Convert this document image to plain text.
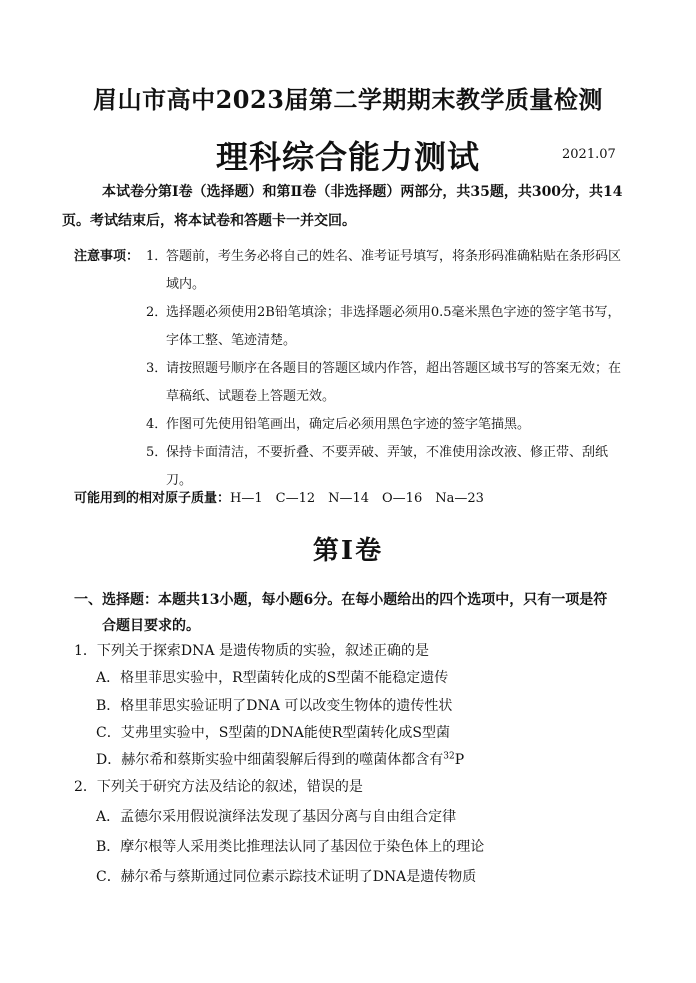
眉山市高中2023届第二学期期末教学质量检测
理科综合能力测试	2021.07
本试卷分第Ⅰ卷（选择题）和第Ⅱ卷（非选择题）两部分，共35题，共300分，共14页。考试结束后，将本试卷和答题卡一并交回。
注意事项： 1．
答题前，考生务必将自己的姓名、准考证号填写，将条形码准确粘贴在条形码区域内。
2．
选择题必须使用2B铅笔填涂；非选择题必须用0.5毫米黑色字迹的签字笔书写，字体工整、笔迹清楚。
3．
请按照题号顺序在各题目的答题区域内作答，超出答题区域书写的答案无效；在草稿纸、试题卷上答题无效。
4．
作图可先使用铅笔画出，确定后必须用黑色字迹的签字笔描黑。
5．
保持卡面清洁，不要折叠、不要弄破、弄皱，不准使用涂改液、修正带、刮纸刀。
可能用到的相对原子质量：H—1　C—12　N—14　O—16　Na—23
第Ⅰ卷
一、选择题：本题共13小题，每小题6分。在每小题给出的四个选项中，只有一项是符
合题目要求的。
1．下列关于探索DNA 是遗传物质的实验，叙述正确的是
A．格里菲思实验中，R型菌转化成的S型菌不能稳定遗传
B．格里菲思实验证明了DNA 可以改变生物体的遗传性状
C．艾弗里实验中，S型菌的DNA能使R型菌转化成S型菌
D．赫尔希和蔡斯实验中细菌裂解后得到的噬菌体都含有$^{32}$P
2．下列关于研究方法及结论的叙述，错误的是
A．孟德尔采用假说演绎法发现了基因分离与自由组合定律
B．摩尔根等人采用类比推理法认同了基因位于染色体上的理论
C．赫尔希与蔡斯通过同位素示踪技术证明了DNA是遗传物质
